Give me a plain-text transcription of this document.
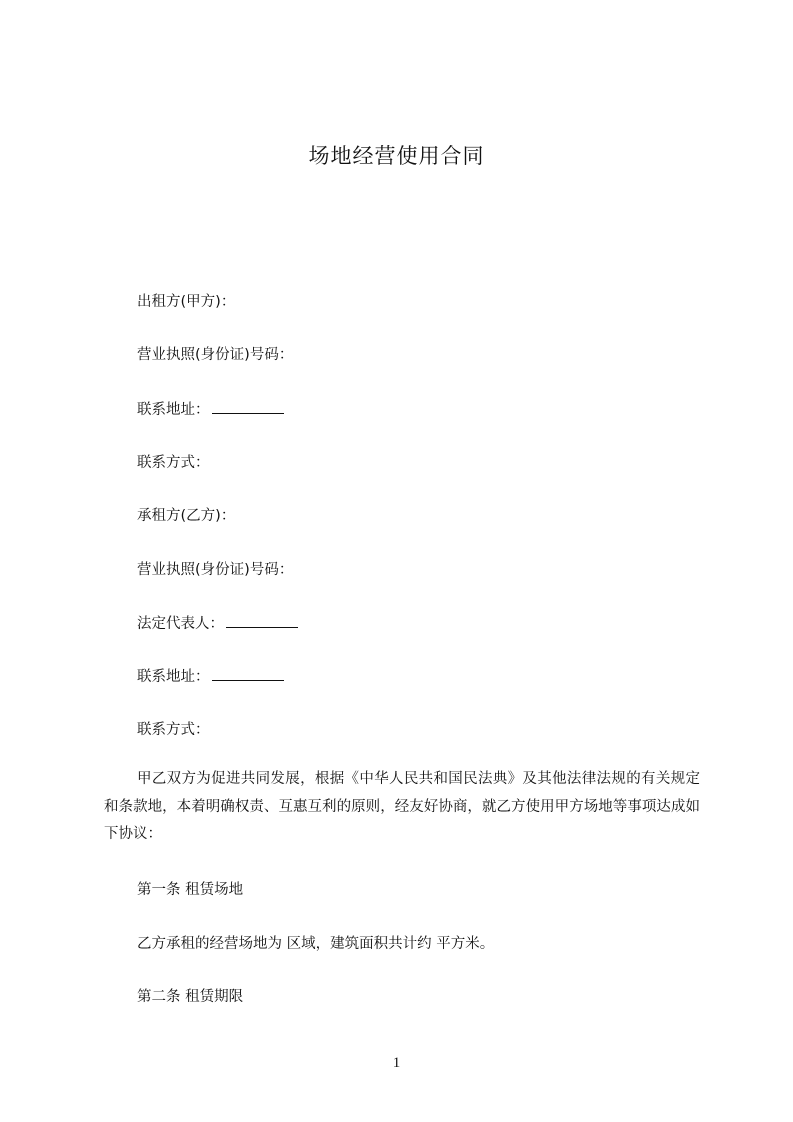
场地经营使用合同
出租方(甲方)：
营业执照(身份证)号码：
联系地址：
联系方式：
承租方(乙方)：
营业执照(身份证)号码：
法定代表人：
联系地址：
联系方式：
甲乙双方为促进共同发展，根据《中华人民共和国民法典》及其他法律法规的有关规定和条款地，本着明确权责、互惠互利的原则，经友好协商，就乙方使用甲方场地等事项达成如下协议：
第一条 租赁场地
乙方承租的经营场地为 区域，建筑面积共计约 平方米。
第二条 租赁期限
1
